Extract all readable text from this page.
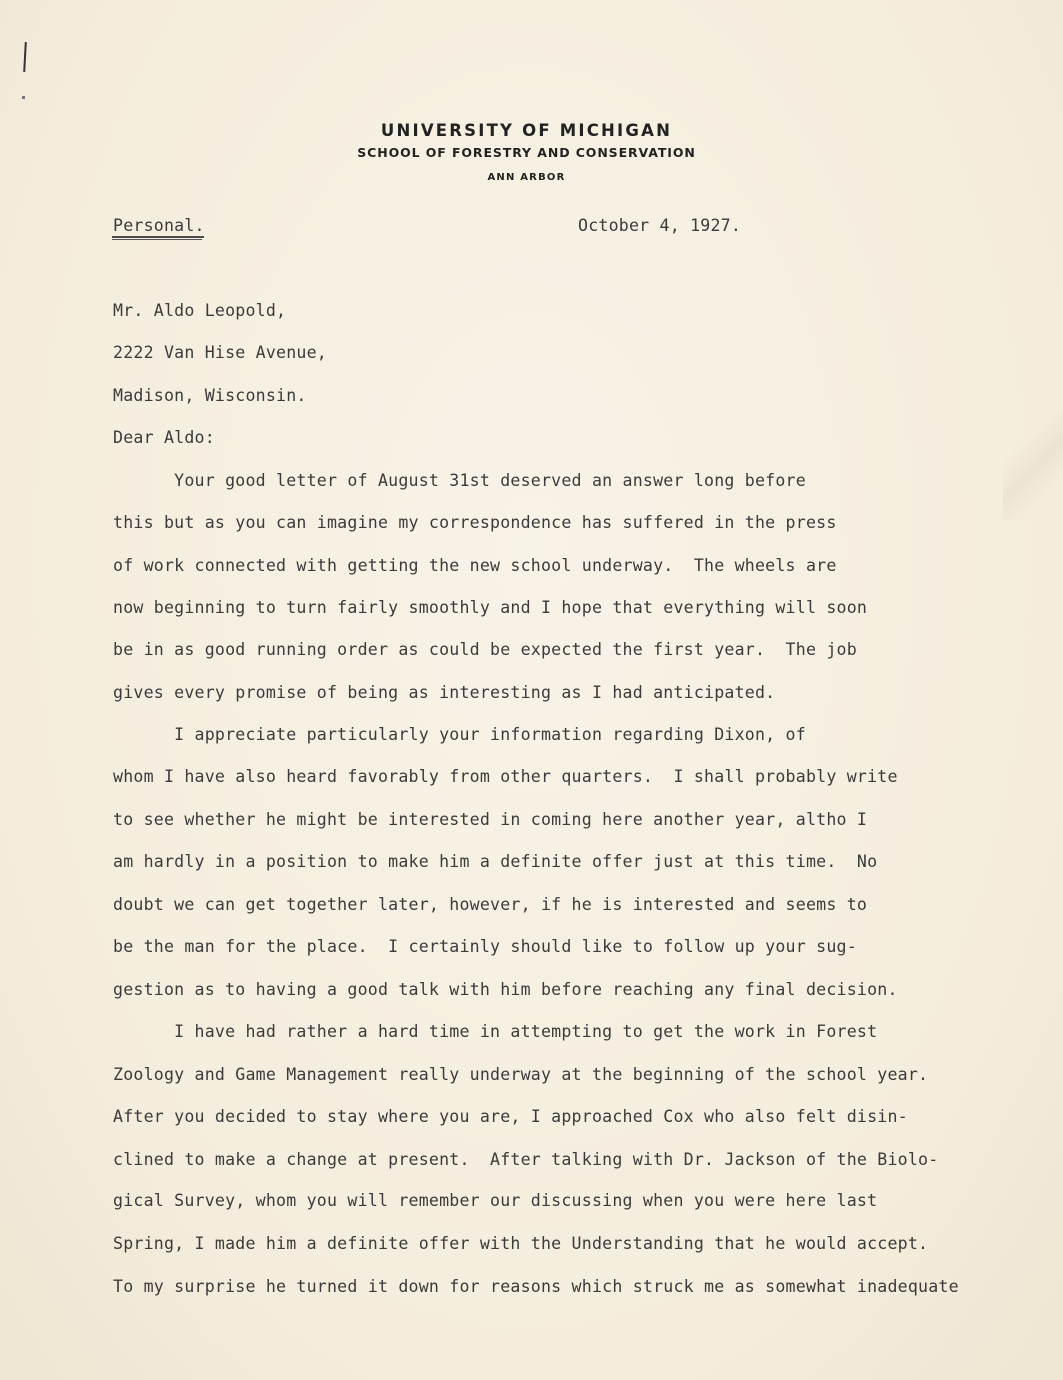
UNIVERSITY OF MICHIGAN
SCHOOL OF FORESTRY AND CONSERVATION
ANN ARBOR
Personal.	October 4, 1927.
Mr. Aldo Leopold,
2222 Van Hise Avenue,
Madison, Wisconsin.
Dear Aldo:
Your good letter of August 31st deserved an answer long before
this but as you can imagine my correspondence has suffered in the press
of work connected with getting the new school underway.  The wheels are
now beginning to turn fairly smoothly and I hope that everything will soon
be in as good running order as could be expected the first year.  The job
gives every promise of being as interesting as I had anticipated.
I appreciate particularly your information regarding Dixon, of
whom I have also heard favorably from other quarters.  I shall probably write
to see whether he might be interested in coming here another year, altho I
am hardly in a position to make him a definite offer just at this time.  No
doubt we can get together later, however, if he is interested and seems to
be the man for the place.  I certainly should like to follow up your sug-
gestion as to having a good talk with him before reaching any final decision.
I have had rather a hard time in attempting to get the work in Forest
Zoology and Game Management really underway at the beginning of the school year.
After you decided to stay where you are, I approached Cox who also felt disin-
clined to make a change at present.  After talking with Dr. Jackson of the Biolo-
gical Survey, whom you will remember our discussing when you were here last
Spring, I made him a definite offer with the Understanding that he would accept.
To my surprise he turned it down for reasons which struck me as somewhat inadequate
